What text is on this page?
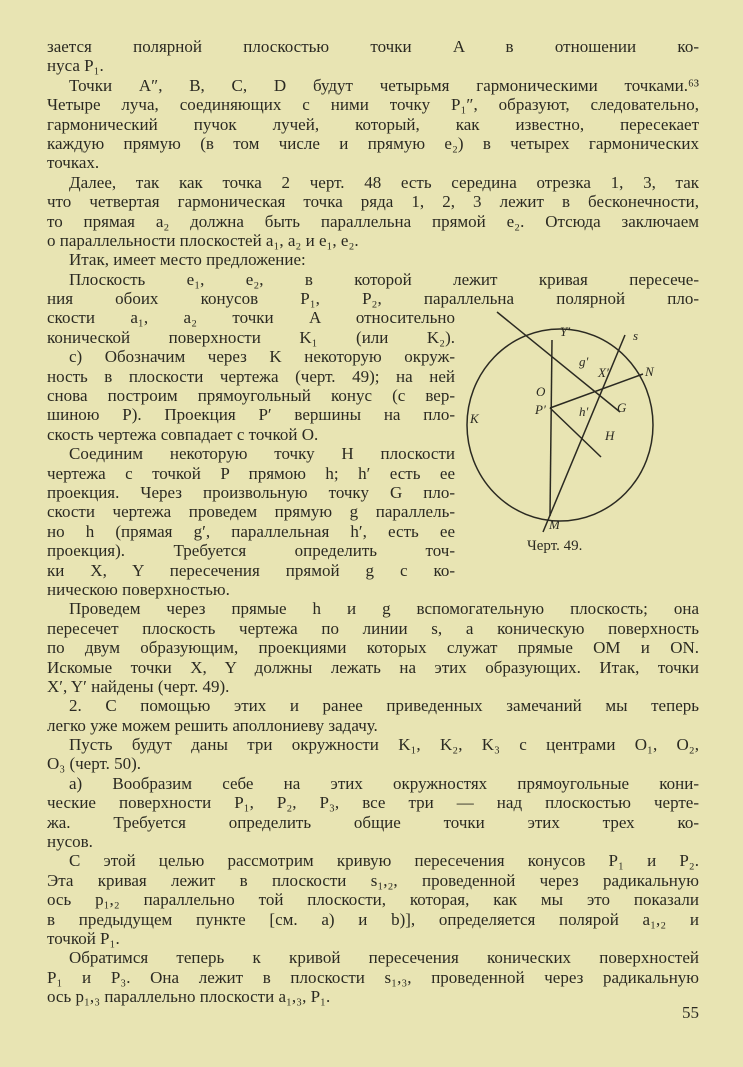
зается полярной плоскостью точки A в отношении ко-
нуса P₁.
Точки A″, B, C, D будут четырьмя гармоническими точками.⁶³
Четыре луча, соединяющих с ними точку P₁″, образуют, следовательно,
гармонический пучок лучей, который, как известно, пересекает
каждую прямую (в том числе и прямую e₂) в четырех гармонических
точках.
Далее, так как точка 2 черт. 48 есть середина отрезка 1, 3, так
что четвертая гармоническая точка ряда 1, 2, 3 лежит в бесконечности,
то прямая a₂ должна быть параллельна прямой e₂. Отсюда заключаем
о параллельности плоскостей a₁, a₂ и e₁, e₂.
Итак, имеет место предложение:
Плоскость e₁, e₂, в которой лежит кривая пересече-
ния обоих конусов P₁, P₂, параллельна полярной пло-
скости a₁, a₂ точки A относительно
конической поверхности K₁ (или K₂).
c) Обозначим через K некоторую окруж-
ность в плоскости чертежа (черт. 49); на ней
снова построим прямоугольный конус (с вер-
шиною P). Проекция P′ вершины на пло-
скость чертежа совпадает с точкой O.
Соединим некоторую точку H плоскости
чертежа с точкой P прямою h; h′ есть ее
проекция. Через произвольную точку G пло-
скости чертежа проведем прямую g параллель-
но h (прямая g′, параллельная h′, есть ее
проекция). Требуется определить точ-
ки X, Y пересечения прямой g с ко-
ническою поверхностью.
Проведем через прямые h и g вспомогательную плоскость; она
пересечет плоскость чертежа по линии s, а коническую поверхность
по двум образующим, проекциями которых служат прямые OM и ON.
Искомые точки X, Y должны лежать на этих образующих. Итак, точки
X′, Y′ найдены (черт. 49).
2. С помощью этих и ранее приведенных замечаний мы теперь
легко уже можем решить аполлониеву задачу.
Пусть будут даны три окружности K₁, K₂, K₃ с центрами O₁, O₂,
O₃ (черт. 50).
а) Вообразим себе на этих окружностях прямоугольные кони-
ческие поверхности P₁, P₂, P₃, все три — над плоскостью черте-
жа. Требуется определить общие точки этих трех ко-
нусов.
С этой целью рассмотрим кривую пересечения конусов P₁ и P₂.
Эта кривая лежит в плоскости s₁,₂, проведенной через радикальную
ось p₁,₂ параллельно той плоскости, которая, как мы это показали
в предыдущем пункте [см. а) и b)], определяется полярой a₁,₂ и
точкой P₁.
Обратимся теперь к кривой пересечения конических поверхностей
P₁ и P₃. Она лежит в плоскости s₁,₃, проведенной через радикальную
ось p₁,₃ параллельно плоскости a₁,₃, P₁.
K
O
P′
Y′
g′
X′	N
G
h′
H
M
s
Черт. 49.
55
